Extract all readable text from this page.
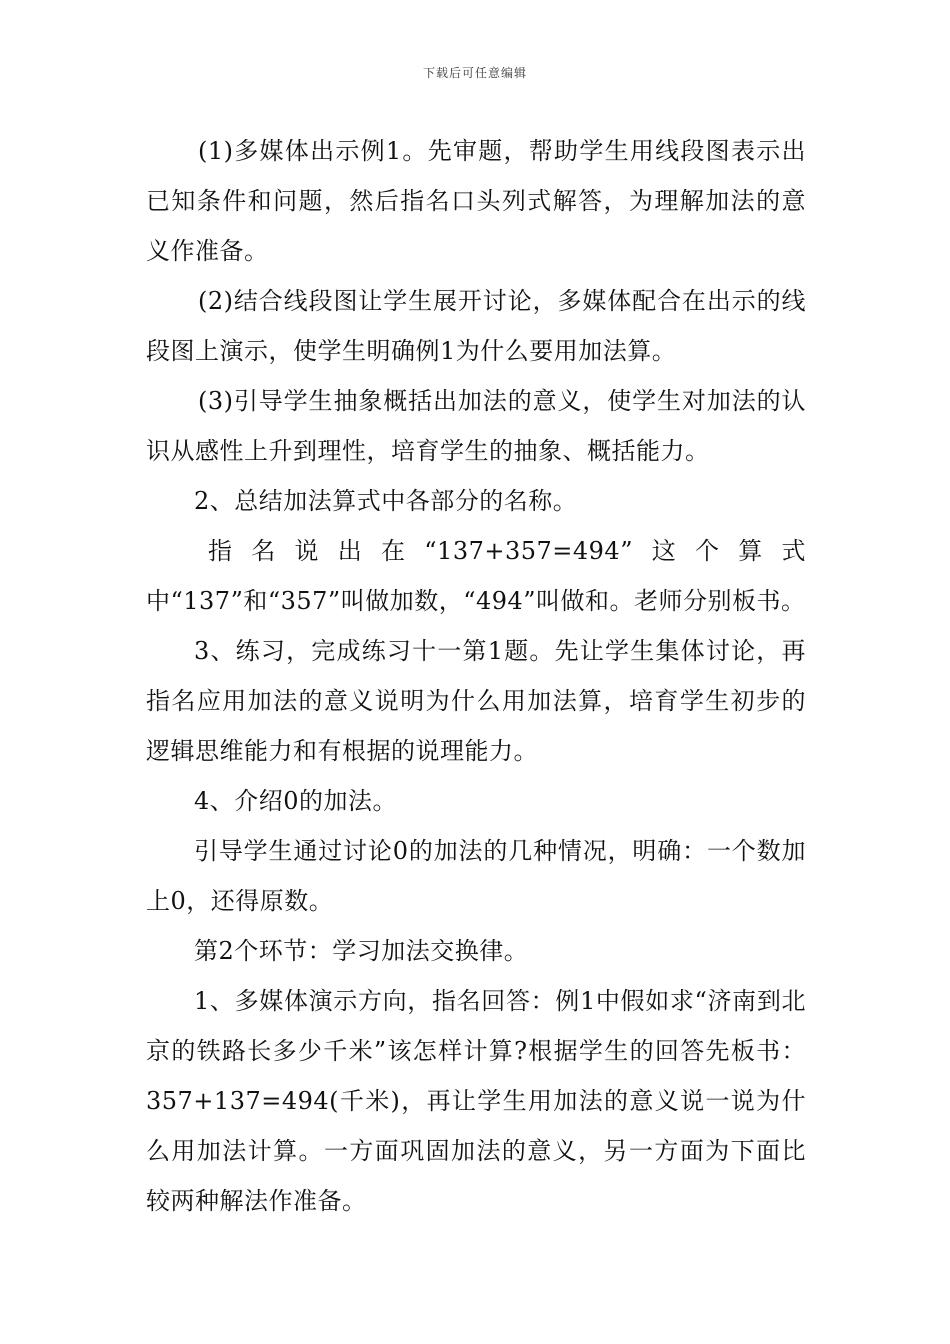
下载后可任意编辑

(1)多媒体出示例1。先审题，帮助学生用线段图表示出已知条件和问题，然后指名口头列式解答，为理解加法的意义作准备。

(2)结合线段图让学生展开讨论，多媒体配合在出示的线段图上演示，使学生明确例1为什么要用加法算。

(3)引导学生抽象概括出加法的意义，使学生对加法的认识从感性上升到理性，培育学生的抽象、概括能力。

2、总结加法算式中各部分的名称。

指名说出在“137+357=494”这个算式中“137”和“357”叫做加数，“494”叫做和。老师分别板书。

3、练习，完成练习十一第1题。先让学生集体讨论，再指名应用加法的意义说明为什么用加法算，培育学生初步的逻辑思维能力和有根据的说理能力。

4、介绍0的加法。

引导学生通过讨论0的加法的几种情况，明确：一个数加上0，还得原数。

第2个环节：学习加法交换律。

1、多媒体演示方向，指名回答：例1中假如求“济南到北京的铁路长多少千米”该怎样计算?根据学生的回答先板书：357+137=494(千米)，再让学生用加法的意义说一说为什么用加法计算。一方面巩固加法的意义，另一方面为下面比较两种解法作准备。
